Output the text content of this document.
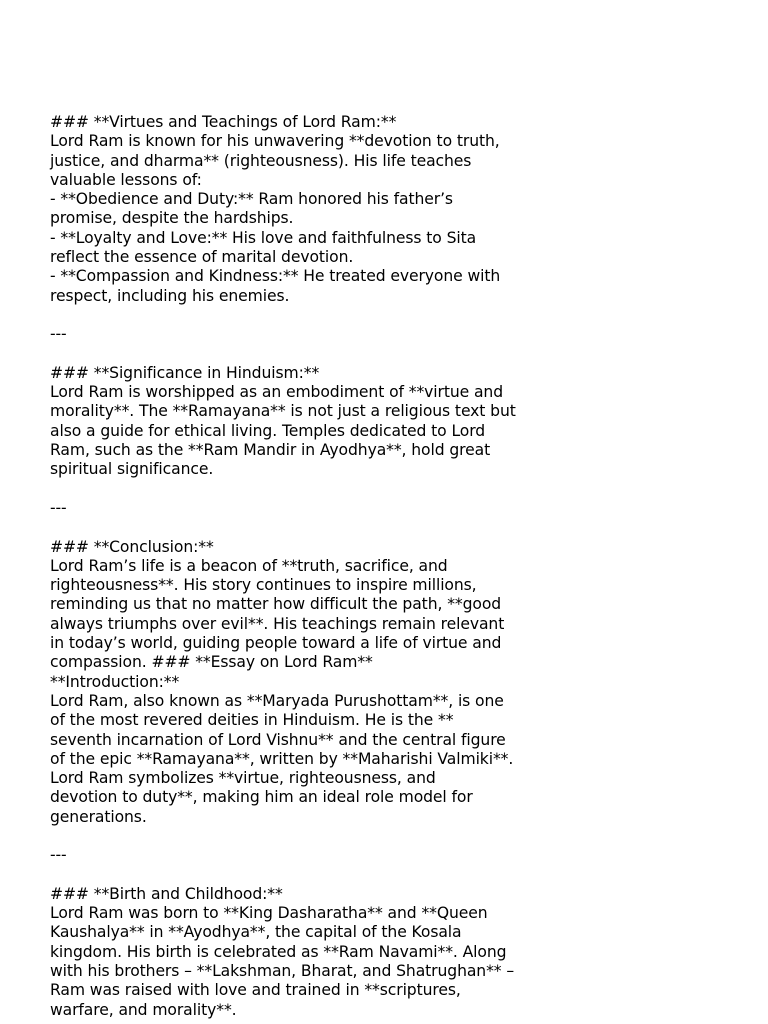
### **Virtues and Teachings of Lord Ram:**
Lord Ram is known for his unwavering **devotion to truth,
justice, and dharma** (righteousness). His life teaches
valuable lessons of:
- **Obedience and Duty:** Ram honored his father’s
promise, despite the hardships.
- **Loyalty and Love:** His love and faithfulness to Sita
reflect the essence of marital devotion.
- **Compassion and Kindness:** He treated everyone with
respect, including his enemies.
---
### **Significance in Hinduism:**
Lord Ram is worshipped as an embodiment of **virtue and
morality**. The **Ramayana** is not just a religious text but
also a guide for ethical living. Temples dedicated to Lord
Ram, such as the **Ram Mandir in Ayodhya**, hold great
spiritual significance.
---
### **Conclusion:**
Lord Ram’s life is a beacon of **truth, sacrifice, and
righteousness**. His story continues to inspire millions,
reminding us that no matter how difficult the path, **good
always triumphs over evil**. His teachings remain relevant
in today’s world, guiding people toward a life of virtue and
compassion. ### **Essay on Lord Ram**
**Introduction:**
Lord Ram, also known as **Maryada Purushottam**, is one
of the most revered deities in Hinduism. He is the **
seventh incarnation of Lord Vishnu** and the central figure
of the epic **Ramayana**, written by **Maharishi Valmiki**.
Lord Ram symbolizes **virtue, righteousness, and
devotion to duty**, making him an ideal role model for
generations.
---
### **Birth and Childhood:**
Lord Ram was born to **King Dasharatha** and **Queen
Kaushalya** in **Ayodhya**, the capital of the Kosala
kingdom. His birth is celebrated as **Ram Navami**. Along
with his brothers – **Lakshman, Bharat, and Shatrughan** –
Ram was raised with love and trained in **scriptures,
warfare, and morality**.
